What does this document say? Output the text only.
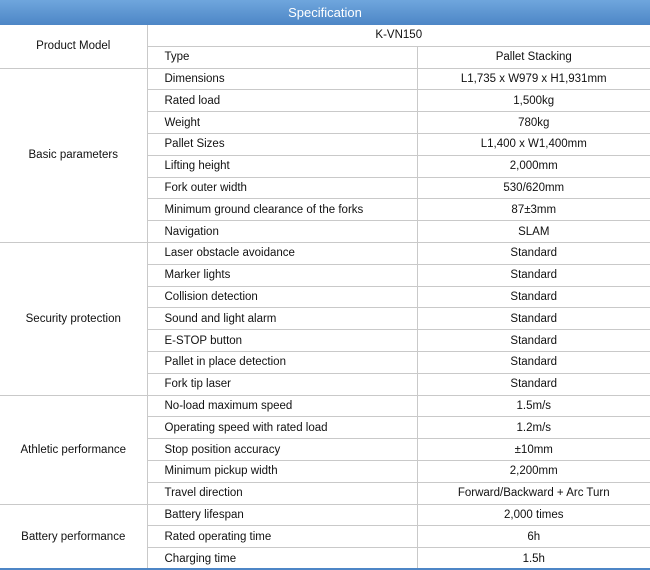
Specification
Product Model	K-VN150	
	Type	Pallet Stacking
Basic parameters	Dimensions	L1,735 x W979 x H1,931mm
	Rated load	1,500kg
	Weight	780kg
	Pallet Sizes	L1,400 x W1,400mm
	Lifting height	2,000mm
	Fork outer width	530/620mm
	Minimum ground clearance of the forks	87±3mm
	Navigation	SLAM
Security protection	Laser obstacle avoidance	Standard
	Marker lights	Standard
	Collision detection	Standard
	Sound and light alarm	Standard
	E-STOP button	Standard
	Pallet in place detection	Standard
	Fork tip laser	Standard
Athletic performance	No-load maximum speed	1.5m/s
	Operating speed with rated load	1.2m/s
	Stop position accuracy	±10mm
	Minimum pickup width	2,200mm
	Travel direction	Forward/Backward + Arc Turn
Battery performance	Battery lifespan	2,000 times
	Rated operating time	6h
	Charging time	1.5h
